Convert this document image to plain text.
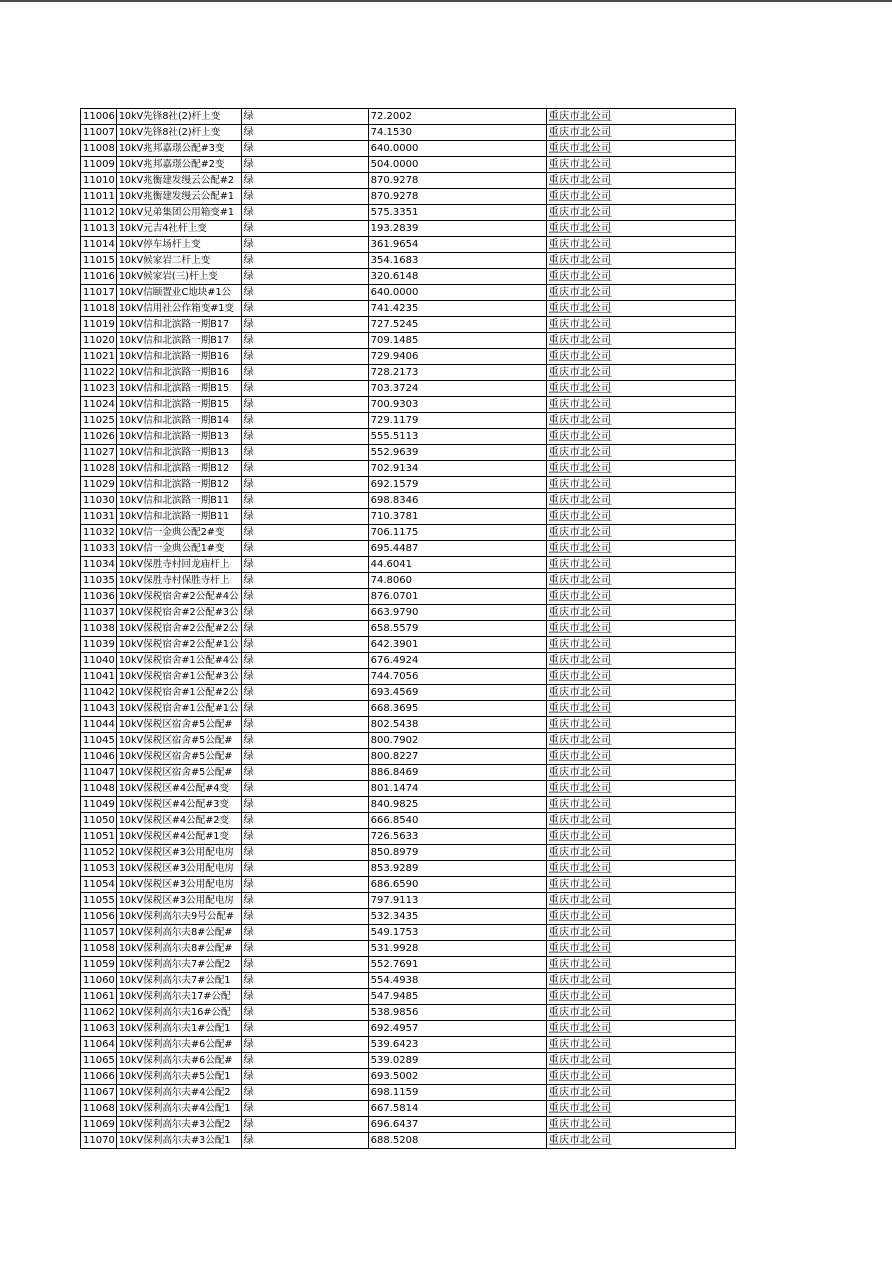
11006	10kV先锋8社(2)杆上变	绿	72.2002	重庆市北公司
11007	10kV先锋8社(2)杆上变	绿	74.1530	重庆市北公司
11008	10kV兆邦嘉璟公配#3变	绿	640.0000	重庆市北公司
11009	10kV兆邦嘉璟公配#2变	绿	504.0000	重庆市北公司
11010	10kV兆衡建发缦云公配#2	绿	870.9278	重庆市北公司
11011	10kV兆衡建发缦云公配#1	绿	870.9278	重庆市北公司
11012	10kV兄弟集团公用箱变#1	绿	575.3351	重庆市北公司
11013	10kV元吉4社杆上变	绿	193.2839	重庆市北公司
11014	10kV停车场杆上变	绿	361.9654	重庆市北公司
11015	10kV候家岩二杆上变	绿	354.1683	重庆市北公司
11016	10kV候家岩(三)杆上变	绿	320.6148	重庆市北公司
11017	10kV信颐置业C地块#1公	绿	640.0000	重庆市北公司
11018	10kV信用社公作箱变#1变	绿	741.4235	重庆市北公司
11019	10kV信和北滨路一期B17	绿	727.5245	重庆市北公司
11020	10kV信和北滨路一期B17	绿	709.1485	重庆市北公司
11021	10kV信和北滨路一期B16	绿	729.9406	重庆市北公司
11022	10kV信和北滨路一期B16	绿	728.2173	重庆市北公司
11023	10kV信和北滨路一期B15	绿	703.3724	重庆市北公司
11024	10kV信和北滨路一期B15	绿	700.9303	重庆市北公司
11025	10kV信和北滨路一期B14	绿	729.1179	重庆市北公司
11026	10kV信和北滨路一期B13	绿	555.5113	重庆市北公司
11027	10kV信和北滨路一期B13	绿	552.9639	重庆市北公司
11028	10kV信和北滨路一期B12	绿	702.9134	重庆市北公司
11029	10kV信和北滨路一期B12	绿	692.1579	重庆市北公司
11030	10kV信和北滨路一期B11	绿	698.8346	重庆市北公司
11031	10kV信和北滨路一期B11	绿	710.3781	重庆市北公司
11032	10kV信一金典公配2#变	绿	706.1175	重庆市北公司
11033	10kV信一金典公配1#变	绿	695.4487	重庆市北公司
11034	10kV保胜寺村回龙庙杆上	绿	44.6041	重庆市北公司
11035	10kV保胜寺村保胜寺杆上	绿	74.8060	重庆市北公司
11036	10kV保税宿舍#2公配#4公	绿	876.0701	重庆市北公司
11037	10kV保税宿舍#2公配#3公	绿	663.9790	重庆市北公司
11038	10kV保税宿舍#2公配#2公	绿	658.5579	重庆市北公司
11039	10kV保税宿舍#2公配#1公	绿	642.3901	重庆市北公司
11040	10kV保税宿舍#1公配#4公	绿	676.4924	重庆市北公司
11041	10kV保税宿舍#1公配#3公	绿	744.7056	重庆市北公司
11042	10kV保税宿舍#1公配#2公	绿	693.4569	重庆市北公司
11043	10kV保税宿舍#1公配#1公	绿	668.3695	重庆市北公司
11044	10kV保税区宿舍#5公配#	绿	802.5438	重庆市北公司
11045	10kV保税区宿舍#5公配#	绿	800.7902	重庆市北公司
11046	10kV保税区宿舍#5公配#	绿	800.8227	重庆市北公司
11047	10kV保税区宿舍#5公配#	绿	886.8469	重庆市北公司
11048	10kV保税区#4公配#4变	绿	801.1474	重庆市北公司
11049	10kV保税区#4公配#3变	绿	840.9825	重庆市北公司
11050	10kV保税区#4公配#2变	绿	666.8540	重庆市北公司
11051	10kV保税区#4公配#1变	绿	726.5633	重庆市北公司
11052	10kV保税区#3公用配电房	绿	850.8979	重庆市北公司
11053	10kV保税区#3公用配电房	绿	853.9289	重庆市北公司
11054	10kV保税区#3公用配电房	绿	686.6590	重庆市北公司
11055	10kV保税区#3公用配电房	绿	797.9113	重庆市北公司
11056	10kV保利高尔夫9号公配#	绿	532.3435	重庆市北公司
11057	10kV保利高尔夫8#公配#	绿	549.1753	重庆市北公司
11058	10kV保利高尔夫8#公配#	绿	531.9928	重庆市北公司
11059	10kV保利高尔夫7#公配2	绿	552.7691	重庆市北公司
11060	10kV保利高尔夫7#公配1	绿	554.4938	重庆市北公司
11061	10kV保利高尔夫17#公配	绿	547.9485	重庆市北公司
11062	10kV保利高尔夫16#公配	绿	538.9856	重庆市北公司
11063	10kV保利高尔夫1#公配1	绿	692.4957	重庆市北公司
11064	10kV保利高尔夫#6公配#	绿	539.6423	重庆市北公司
11065	10kV保利高尔夫#6公配#	绿	539.0289	重庆市北公司
11066	10kV保利高尔夫#5公配1	绿	693.5002	重庆市北公司
11067	10kV保利高尔夫#4公配2	绿	698.1159	重庆市北公司
11068	10kV保利高尔夫#4公配1	绿	667.5814	重庆市北公司
11069	10kV保利高尔夫#3公配2	绿	696.6437	重庆市北公司
11070	10kV保利高尔夫#3公配1	绿	688.5208	重庆市北公司
